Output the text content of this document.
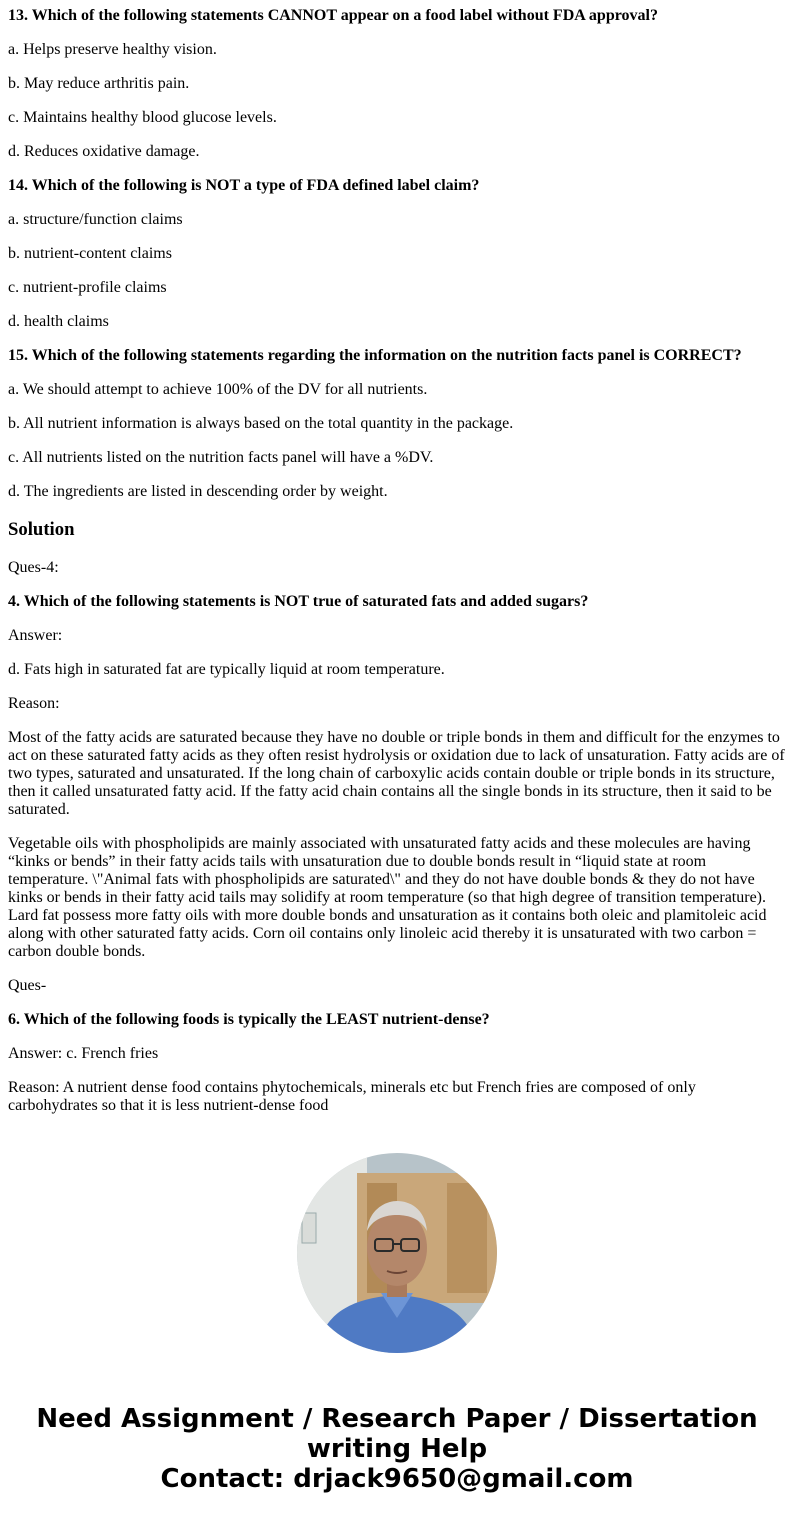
13. Which of the following statements CANNOT appear on a food label without FDA approval?

a. Helps preserve healthy vision.

b. May reduce arthritis pain.

c. Maintains healthy blood glucose levels.

d. Reduces oxidative damage.

14. Which of the following is NOT a type of FDA defined label claim?

a. structure/function claims

b. nutrient-content claims

c. nutrient-profile claims

d. health claims

15. Which of the following statements regarding the information on the nutrition facts panel is CORRECT?

a. We should attempt to achieve 100% of the DV for all nutrients.

b. All nutrient information is always based on the total quantity in the package.

c. All nutrients listed on the nutrition facts panel will have a %DV.

d. The ingredients are listed in descending order by weight.

Solution

Ques-4:

4. Which of the following statements is NOT true of saturated fats and added sugars?

Answer:

d. Fats high in saturated fat are typically liquid at room temperature.

Reason:

Most of the fatty acids are saturated because they have no double or triple bonds in them and difficult for the enzymes to act on these saturated fatty acids as they often resist hydrolysis or oxidation due to lack of unsaturation. Fatty acids are of two types, saturated and unsaturated. If the long chain of carboxylic acids contain double or triple bonds in its structure, then it called unsaturated fatty acid. If the fatty acid chain contains all the single bonds in its structure, then it said to be saturated.

Vegetable oils with phospholipids are mainly associated with unsaturated fatty acids and these molecules are having “kinks or bends” in their fatty acids tails with unsaturation due to double bonds result in “liquid state at room temperature. \"Animal fats with phospholipids are saturated\" and they do not have double bonds & they do not have kinks or bends in their fatty acid tails may solidify at room temperature (so that high degree of transition temperature). Lard fat possess more fatty oils with more double bonds and unsaturation as it contains both oleic and plamitoleic acid along with other saturated fatty acids. Corn oil contains only linoleic acid thereby it is unsaturated with two carbon = carbon double bonds.

Ques-

6. Which of the following foods is typically the LEAST nutrient-dense?

Answer: c. French fries

Reason: A nutrient dense food contains phytochemicals, minerals etc but French fries are composed of only carbohydrates so that it is less nutrient-dense food

Need Assignment / Research Paper / Dissertation
writing Help
Contact: drjack9650@gmail.com
